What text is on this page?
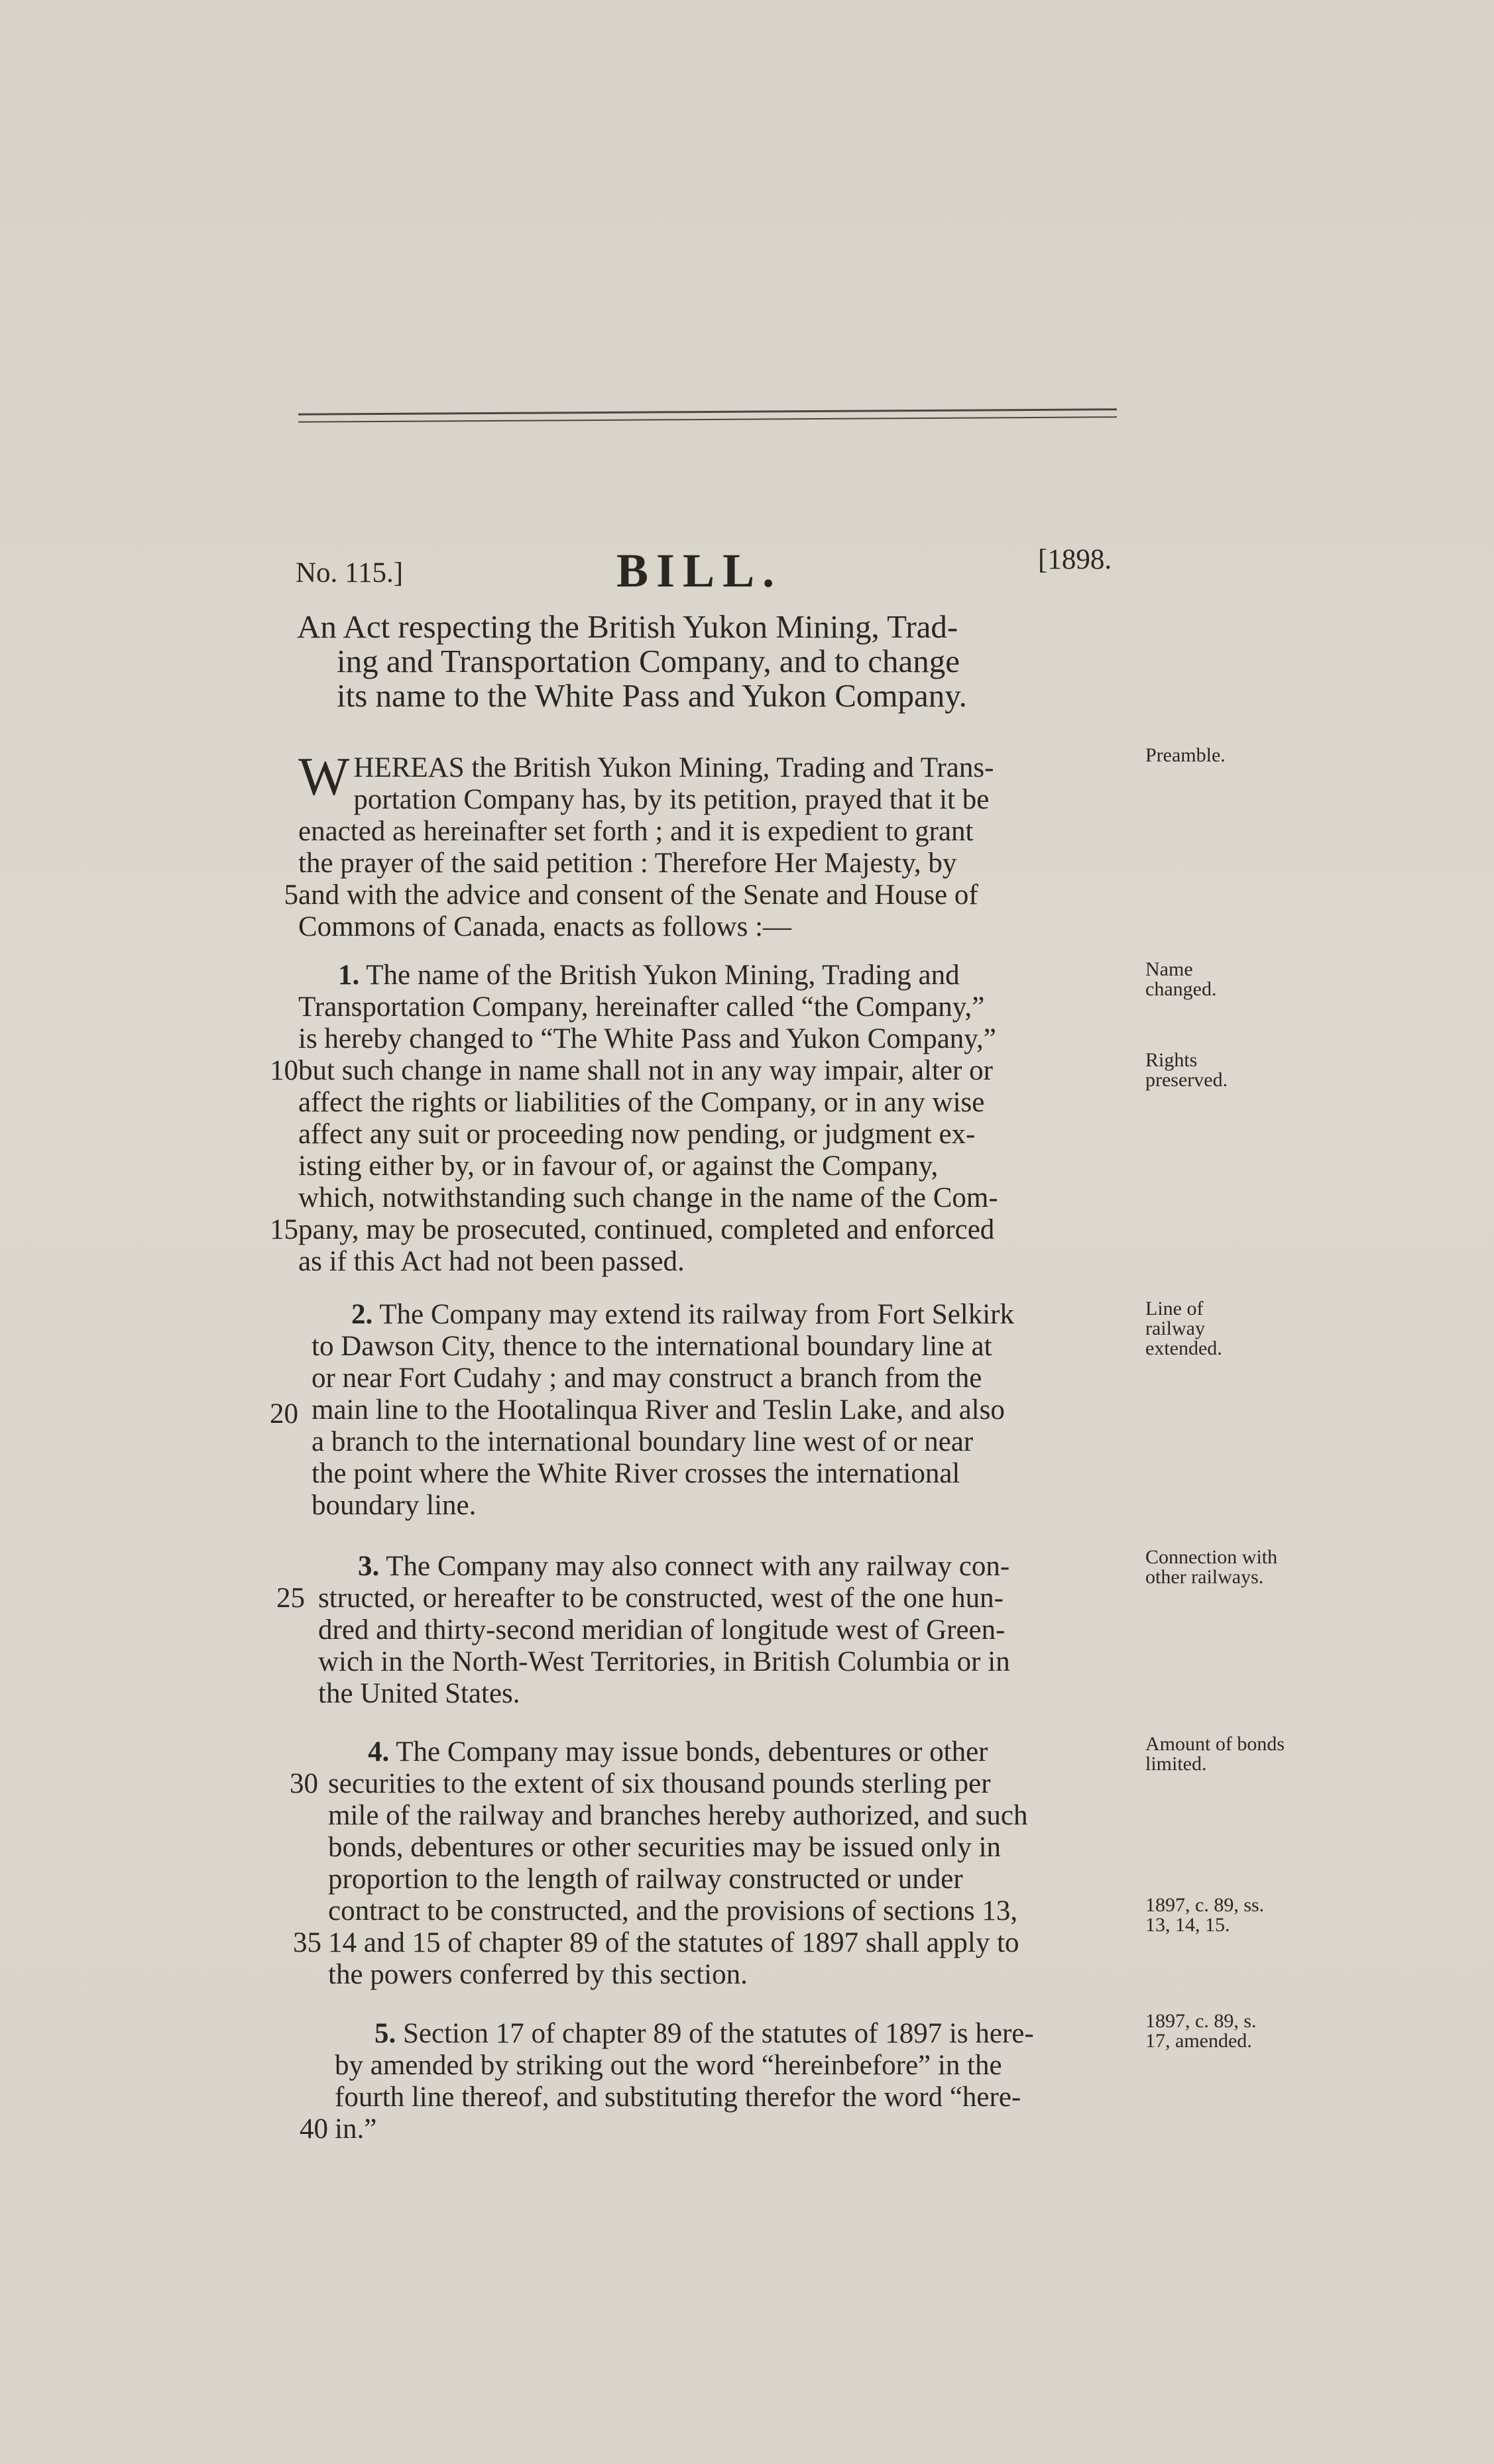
No. 115.]	BILL.	[1898.
An Act respecting the British Yukon Mining, Trad-
ing and Transportation Company, and to change
its name to the White Pass and Yukon Company.
W HEREAS the British Yukon Mining, Trading and Trans-
portation Company has, by its petition, prayed that it be
enacted as hereinafter set forth ; and it is expedient to grant
the prayer of the said petition : Therefore Her Majesty, by
and with the advice and consent of the Senate and House of
Commons of Canada, enacts as follows :—
Preamble.
5
1. The name of the British Yukon Mining, Trading and
Transportation Company, hereinafter called “the Company,”
is hereby changed to “The White Pass and Yukon Company,”
but such change in name shall not in any way impair, alter or
affect the rights or liabilities of the Company, or in any wise
affect any suit or proceeding now pending, or judgment ex-
isting either by, or in favour of, or against the Company,
which, notwithstanding such change in the name of the Com-
pany, may be prosecuted, continued, completed and enforced
as if this Act had not been passed.
Name changed.
Rights preserved.
10
15
2. The Company may extend its railway from Fort Selkirk
to Dawson City, thence to the international boundary line at
or near Fort Cudahy ; and may construct a branch from the
main line to the Hootalinqua River and Teslin Lake, and also
a branch to the international boundary line west of or near
the point where the White River crosses the international
boundary line.
Line of railway extended.
20
3. The Company may also connect with any railway con-
structed, or hereafter to be constructed, west of the one hun-
dred and thirty-second meridian of longitude west of Green-
wich in the North-West Territories, in British Columbia or in
the United States.
Connection with other railways.
25
4. The Company may issue bonds, debentures or other
securities to the extent of six thousand pounds sterling per
mile of the railway and branches hereby authorized, and such
bonds, debentures or other securities may be issued only in
proportion to the length of railway constructed or under
contract to be constructed, and the provisions of sections 13,
14 and 15 of chapter 89 of the statutes of 1897 shall apply to
the powers conferred by this section.
Amount of bonds limited.
1897, c. 89, ss. 13, 14, 15.
30
35
5. Section 17 of chapter 89 of the statutes of 1897 is here-
by amended by striking out the word “hereinbefore” in the
fourth line thereof, and substituting therefor the word “here-
in.”
1897, c. 89, s. 17, amended.
40
